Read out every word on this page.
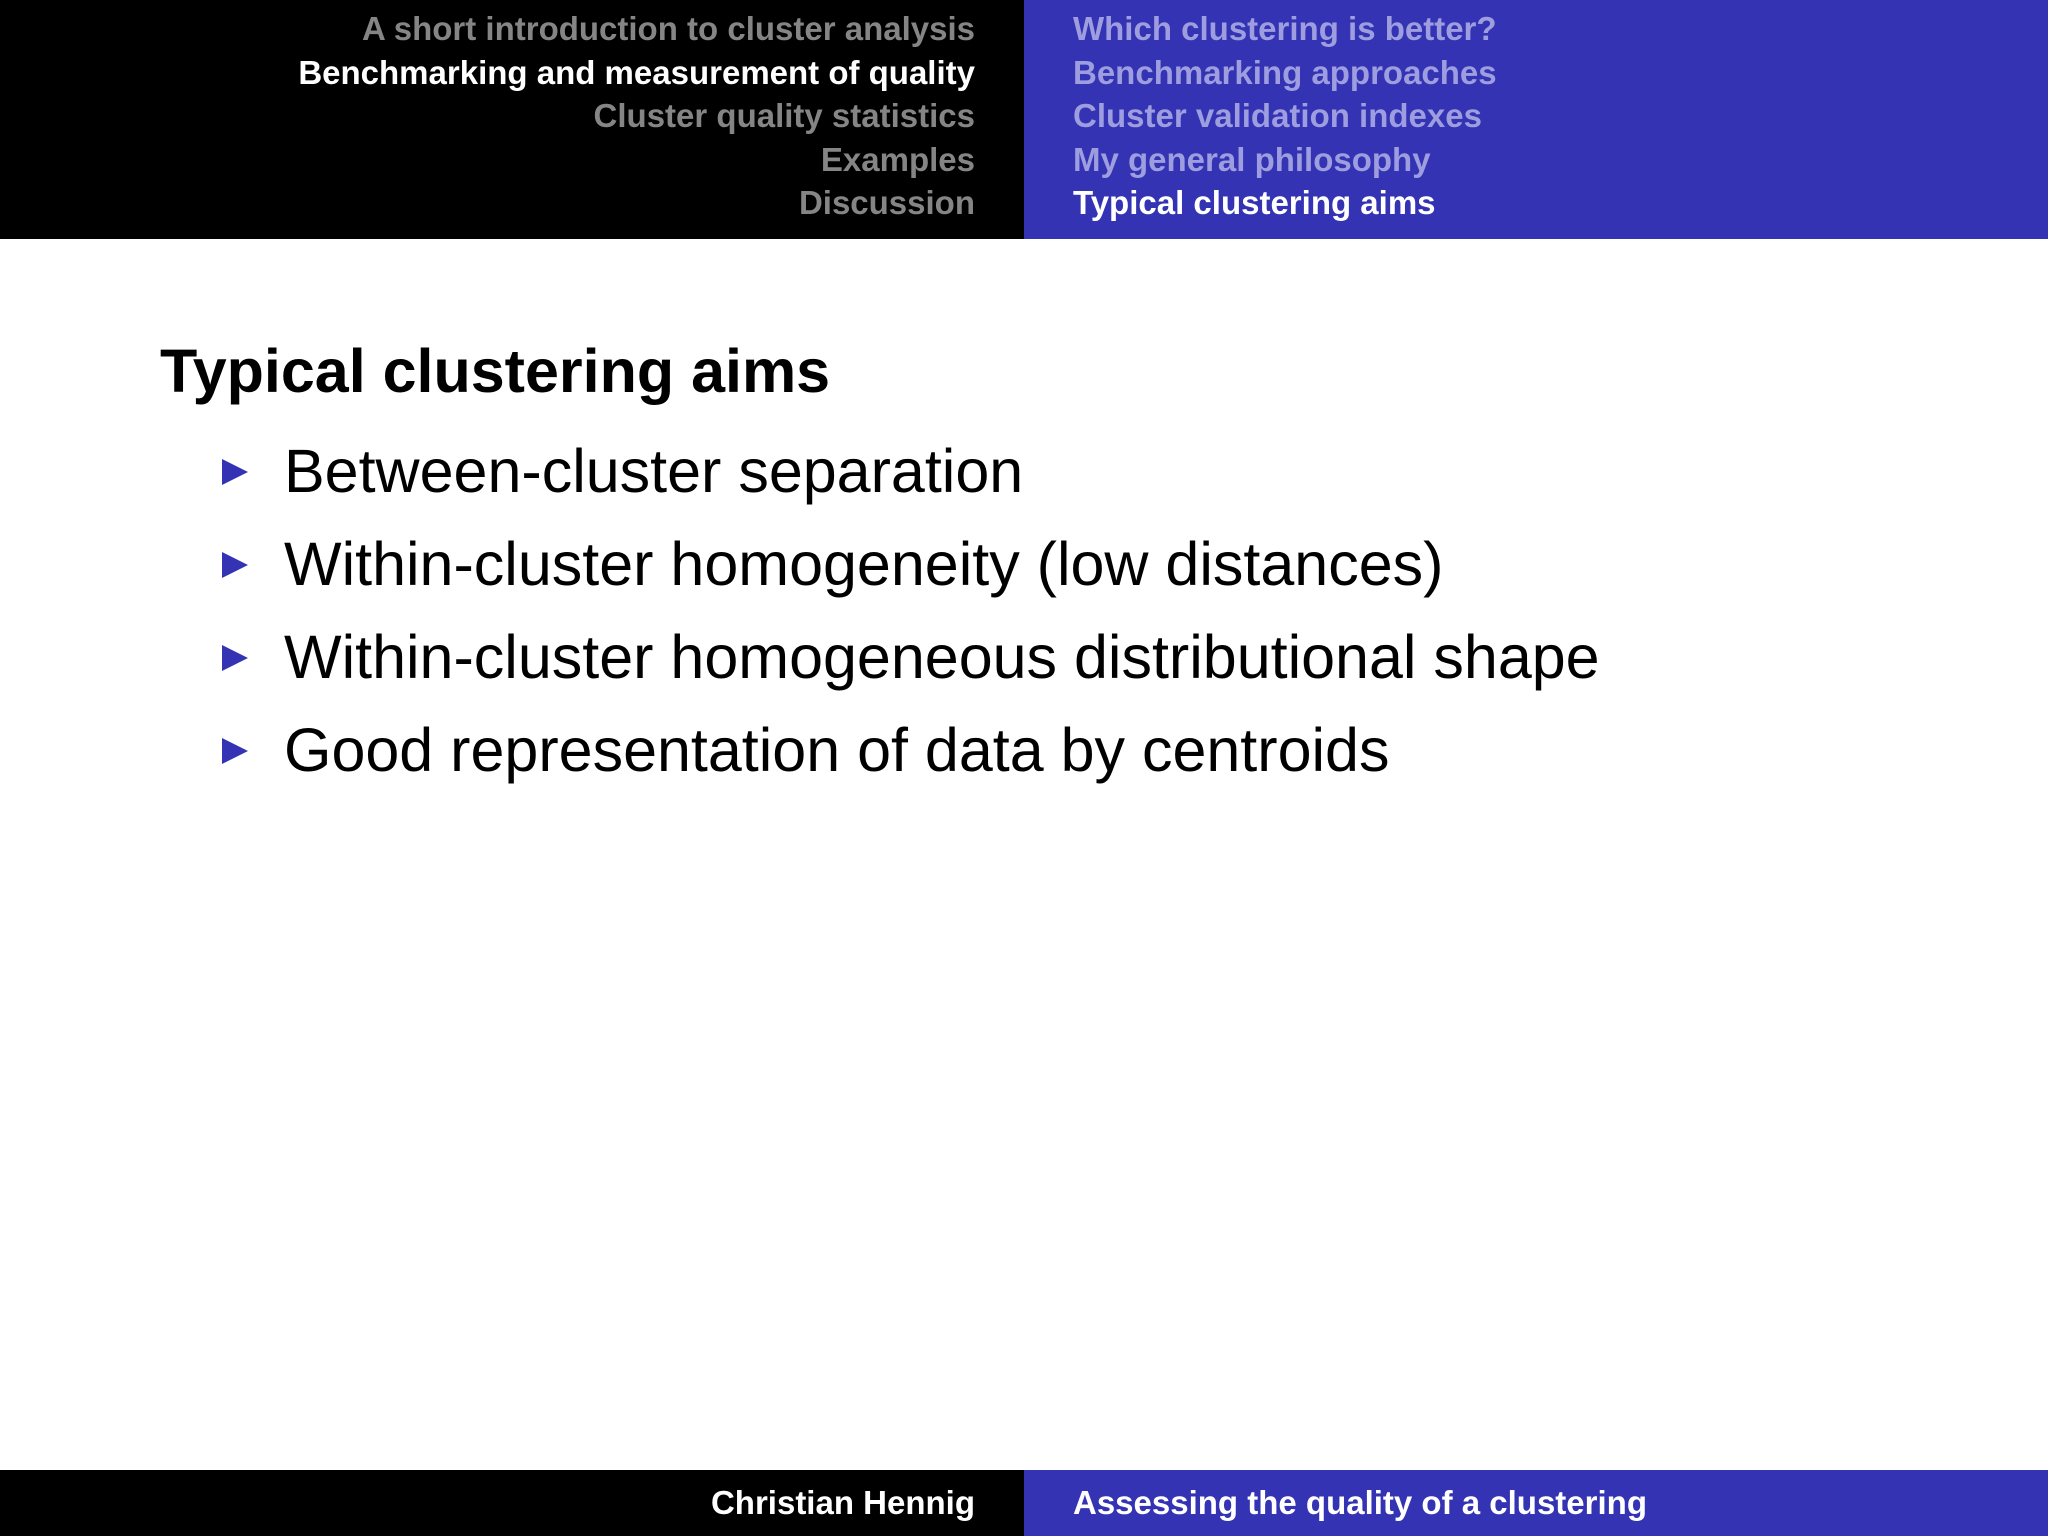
A short introduction to cluster analysis
Benchmarking and measurement of quality
Cluster quality statistics
Examples
Discussion
Which clustering is better?
Benchmarking approaches
Cluster validation indexes
My general philosophy
Typical clustering aims
Typical clustering aims
Between-cluster separation
Within-cluster homogeneity (low distances)
Within-cluster homogeneous distributional shape
Good representation of data by centroids
Christian Hennig	Assessing the quality of a clustering
